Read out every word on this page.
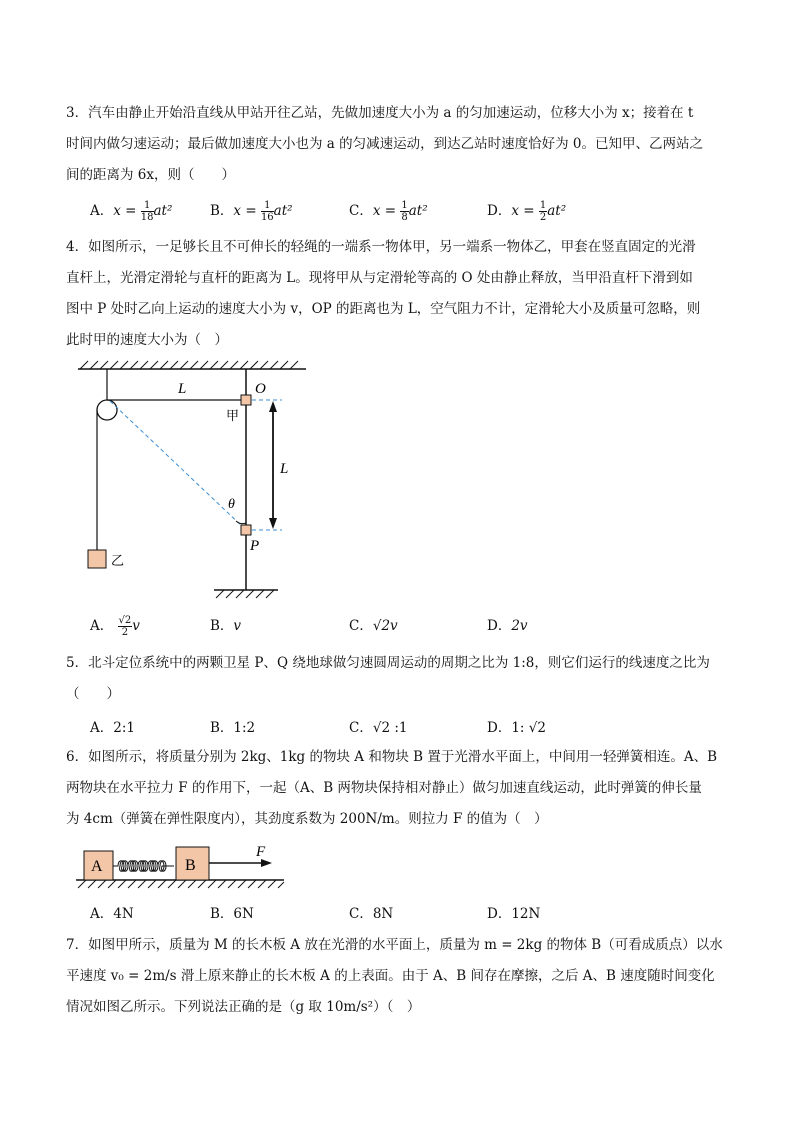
3．汽车由静止开始沿直线从甲站开往乙站，先做加速度大小为 a 的匀加速运动，位移大小为 x；接着在 t
时间内做匀速运动；最后做加速度大小也为 a 的匀减速运动，到达乙站时速度恰好为 0。已知甲、乙两站之
间的距离为 6x，则（　　）
A．$x = \frac{1}{18} at^2$	B．$x = \frac{1}{16} at^2$	C．$x = \frac{1}{8} at^2$	D．$x = \frac{1}{2} at^2$
4．如图所示，一足够长且不可伸长的轻绳的一端系一物体甲，另一端系一物体乙，甲套在竖直固定的光滑
直杆上，光滑定滑轮与直杆的距离为 L。现将甲从与定滑轮等高的 O 处由静止释放，当甲沿直杆下滑到如
图中 P 处时乙向上运动的速度大小为 v，OP 的距离也为 L，空气阻力不计，定滑轮大小及质量可忽略，则
此时甲的速度大小为（　）
L	O
甲
L
θ
P
乙
A． $\frac{√2}{2}$ v	B．v	C．√2v	D．2v
5．北斗定位系统中的两颗卫星 P、Q 绕地球做匀速圆周运动的周期之比为 1:8，则它们运行的线速度之比为
（　　）
A．2:1	B．1:2	C．√2 :1	D．1: √2
6．如图所示，将质量分别为 2kg、1kg 的物块 A 和物块 B 置于光滑水平面上，中间用一轻弹簧相连。A、B
两物块在水平拉力 F 的作用下，一起（A、B 两物块保持相对静止）做匀加速直线运动，此时弹簧的伸长量
为 4cm（弹簧在弹性限度内），其劲度系数为 200N/m。则拉力 F 的值为（　）
A	B
F
A．4N	B．6N	C．8N	D．12N
7．如图甲所示，质量为 M 的长木板 A 放在光滑的水平面上，质量为 m = 2kg 的物体 B（可看成质点）以水
平速度 v₀ = 2m/s 滑上原来静止的长木板 A 的上表面。由于 A、B 间存在摩擦，之后 A、B 速度随时间变化
情况如图乙所示。下列说法正确的是（g 取 10m/s²）（　）
